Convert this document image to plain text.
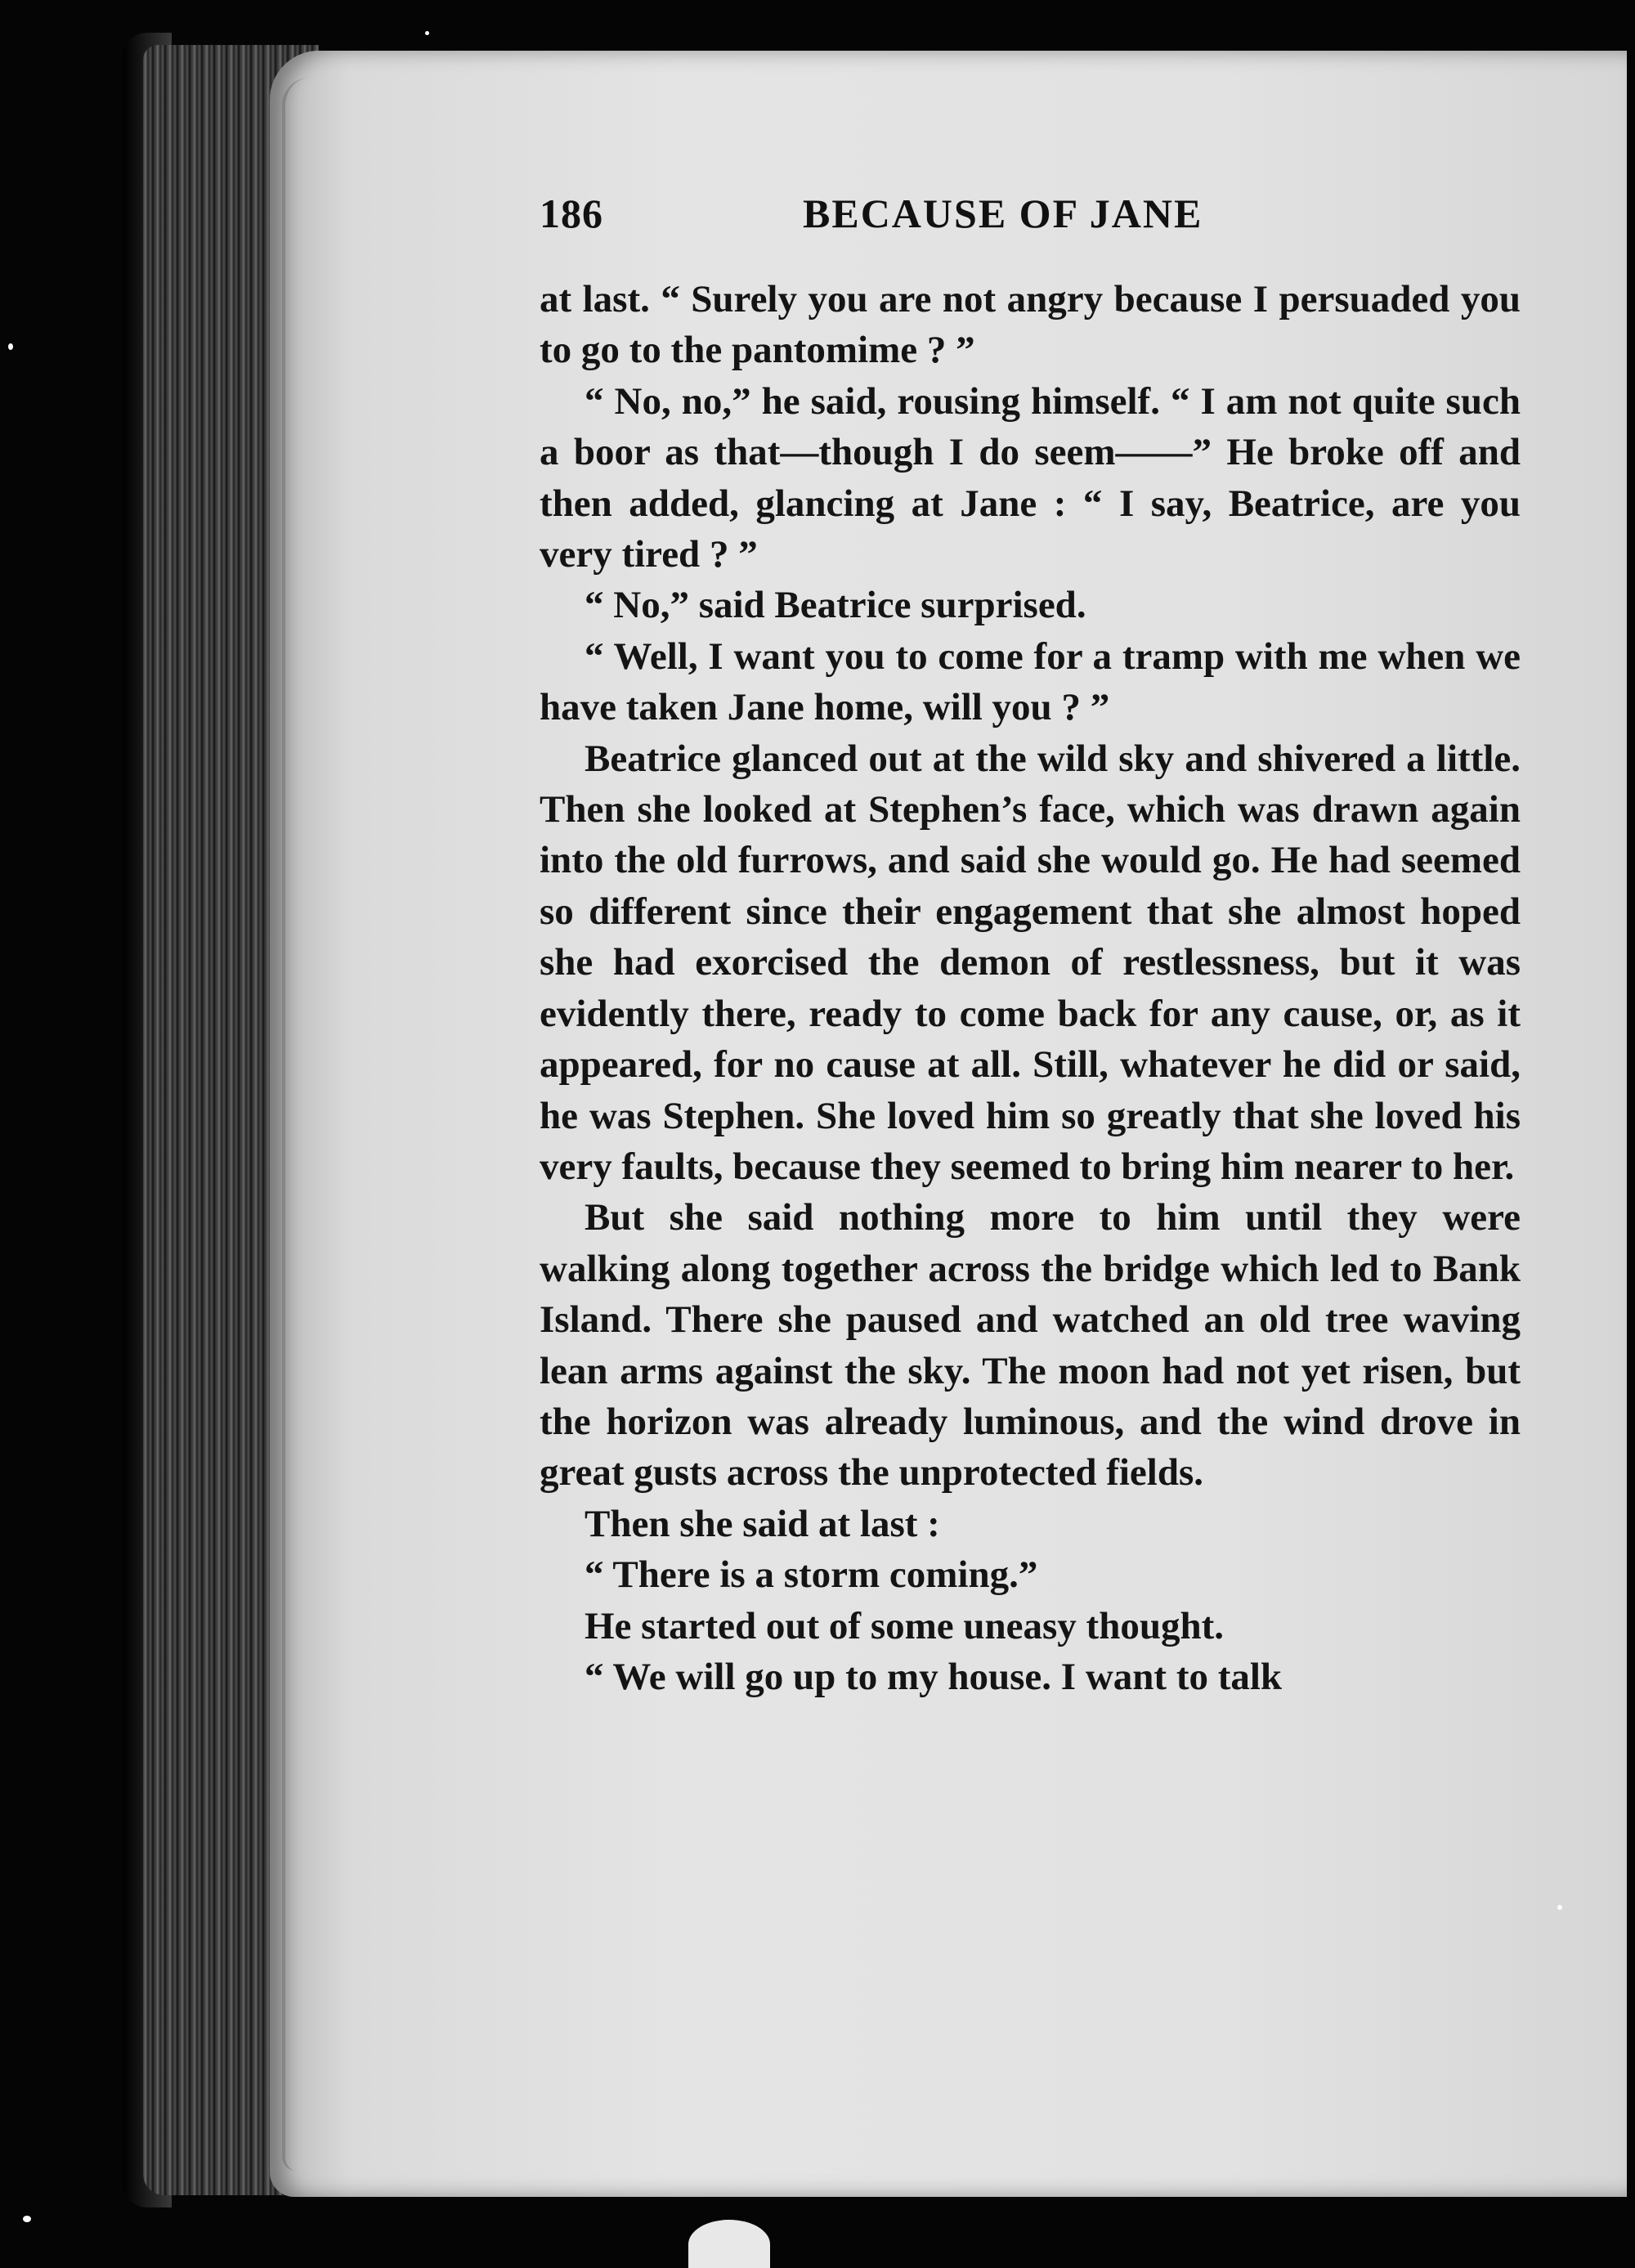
186	BECAUSE OF JANE

at last. “ Surely you are not angry because I persuaded you to go to the pantomime ? ”

“ No, no,” he said, rousing himself. “ I am not quite such a boor as that—though I do seem——” He broke off and then added, glancing at Jane : “ I say, Beatrice, are you very tired ? ”

“ No,” said Beatrice surprised.

“ Well, I want you to come for a tramp with me when we have taken Jane home, will you ? ”

Beatrice glanced out at the wild sky and shivered a little. Then she looked at Stephen’s face, which was drawn again into the old furrows, and said she would go. He had seemed so different since their engagement that she almost hoped she had exorcised the demon of restlessness, but it was evidently there, ready to come back for any cause, or, as it appeared, for no cause at all. Still, whatever he did or said, he was Stephen. She loved him so greatly that she loved his very faults, because they seemed to bring him nearer to her.

But she said nothing more to him until they were walking along together across the bridge which led to Bank Island. There she paused and watched an old tree waving lean arms against the sky. The moon had not yet risen, but the horizon was already luminous, and the wind drove in great gusts across the unprotected fields.

Then she said at last :

“ There is a storm coming.”

He started out of some uneasy thought.

“ We will go up to my house. I want to talk
